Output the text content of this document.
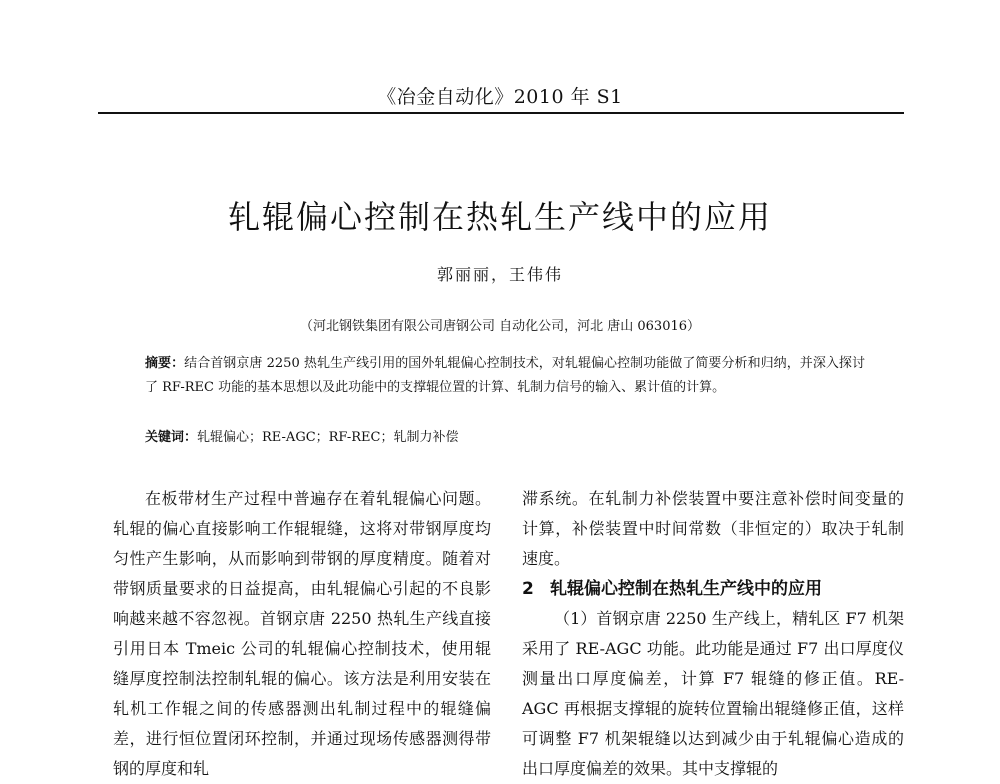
《冶金自动化》2010 年 S1
轧辊偏心控制在热轧生产线中的应用
郭丽丽，王伟伟
（河北钢铁集团有限公司唐钢公司 自动化公司，河北 唐山 063016）
摘要：结合首钢京唐 2250 热轧生产线引用的国外轧辊偏心控制技术，对轧辊偏心控制功能做了简要分析和归纳，并深入探讨了 RF-REC 功能的基本思想以及此功能中的支撑辊位置的计算、轧制力信号的输入、累计值的计算。
关键词：轧辊偏心；RE-AGC；RF-REC；轧制力补偿

在板带材生产过程中普遍存在着轧辊偏心问题。轧辊的偏心直接影响工作辊辊缝，这将对带钢厚度均匀性产生影响，从而影响到带钢的厚度精度。随着对带钢质量要求的日益提高，由轧辊偏心引起的不良影响越来越不容忽视。首钢京唐 2250 热轧生产线直接引用日本 Tmeic 公司的轧辊偏心控制技术，使用辊缝厚度控制法控制轧辊的偏心。该方法是利用安装在轧机工作辊之间的传感器测出轧制过程中的辊缝偏差，进行恒位置闭环控制，并通过现场传感器测得带钢的厚度和轧

滞系统。在轧制力补偿装置中要注意补偿时间变量的计算，补偿装置中时间常数（非恒定的）取决于轧制速度。

2 轧辊偏心控制在热轧生产线中的应用

（1）首钢京唐 2250 生产线上，精轧区 F7 机架采用了 RE-AGC 功能。此功能是通过 F7 出口厚度仪测量出口厚度偏差，计算 F7 辊缝的修正值。RE-AGC 再根据支撑辊的旋转位置输出辊缝修正值，这样可调整 F7 机架辊缝以达到减少由于轧辊偏心造成的出口厚度偏差的效果。其中支撑辊的
